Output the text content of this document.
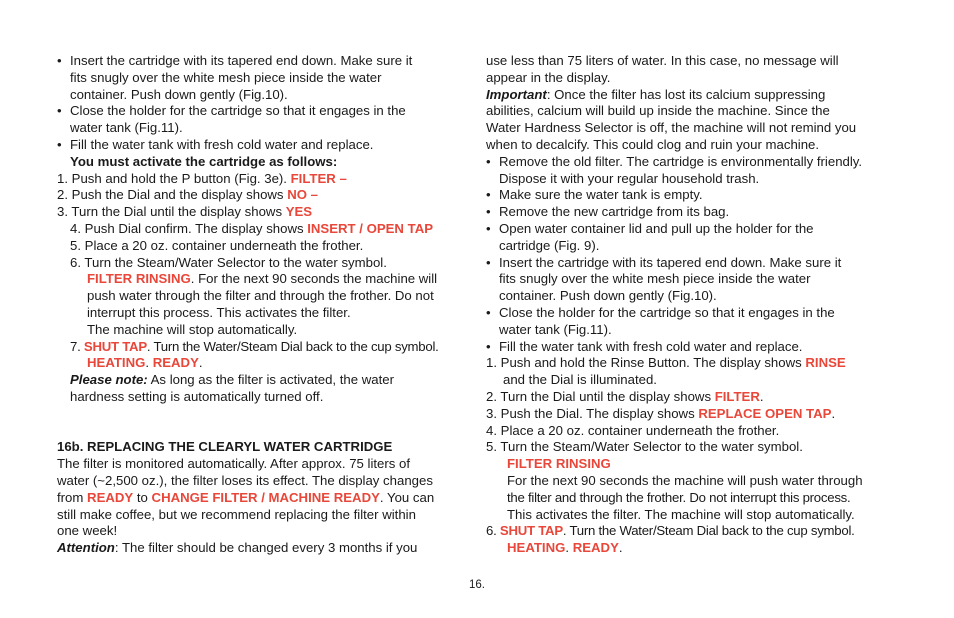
• Insert the cartridge with its tapered end down. Make sure it
fits snugly over the white mesh piece inside the water
container. Push down gently (Fig.10).
• Close the holder for the cartridge so that it engages in the
water tank (Fig.11).
• Fill the water tank with fresh cold water and replace.
You must activate the cartridge as follows:
1. Push and hold the P button (Fig. 3e). FILTER –
2. Push the Dial and the display shows NO –
3. Turn the Dial until the display shows YES
4. Push Dial confirm. The display shows INSERT / OPEN TAP
5. Place a 20 oz. container underneath the frother.
6. Turn the Steam/Water Selector to the water symbol.
FILTER RINSING. For the next 90 seconds the machine will
push water through the filter and through the frother. Do not
interrupt this process. This activates the filter.
The machine will stop automatically.
7. SHUT TAP. Turn the Water/Steam Dial back to the cup symbol.
HEATING. READY.
Please note: As long as the filter is activated, the water
hardness setting is automatically turned off.
16b. REPLACING THE CLEARYL WATER CARTRIDGE
The filter is monitored automatically. After approx. 75 liters of
water (~2,500 oz.), the filter loses its effect. The display changes
from READY to CHANGE FILTER / MACHINE READY. You can
still make coffee, but we recommend replacing the filter within
one week!
Attention: The filter should be changed every 3 months if you
use less than 75 liters of water. In this case, no message will
appear in the display.
Important: Once the filter has lost its calcium suppressing
abilities, calcium will build up inside the machine. Since the
Water Hardness Selector is off, the machine will not remind you
when to decalcify. This could clog and ruin your machine.
• Remove the old filter. The cartridge is environmentally friendly.
Dispose it with your regular household trash.
• Make sure the water tank is empty.
• Remove the new cartridge from its bag.
• Open water container lid and pull up the holder for the
cartridge (Fig. 9).
• Insert the cartridge with its tapered end down. Make sure it
fits snugly over the white mesh piece inside the water
container. Push down gently (Fig.10).
• Close the holder for the cartridge so that it engages in the
water tank (Fig.11).
• Fill the water tank with fresh cold water and replace.
1. Push and hold the Rinse Button. The display shows RINSE
and the Dial is illuminated.
2. Turn the Dial until the display shows FILTER.
3. Push the Dial. The display shows REPLACE OPEN TAP.
4. Place a 20 oz. container underneath the frother.
5. Turn the Steam/Water Selector to the water symbol.
FILTER RINSING
For the next 90 seconds the machine will push water through
the filter and through the frother. Do not interrupt this process.
This activates the filter. The machine will stop automatically.
6. SHUT TAP. Turn the Water/Steam Dial back to the cup symbol.
HEATING. READY.
16.
